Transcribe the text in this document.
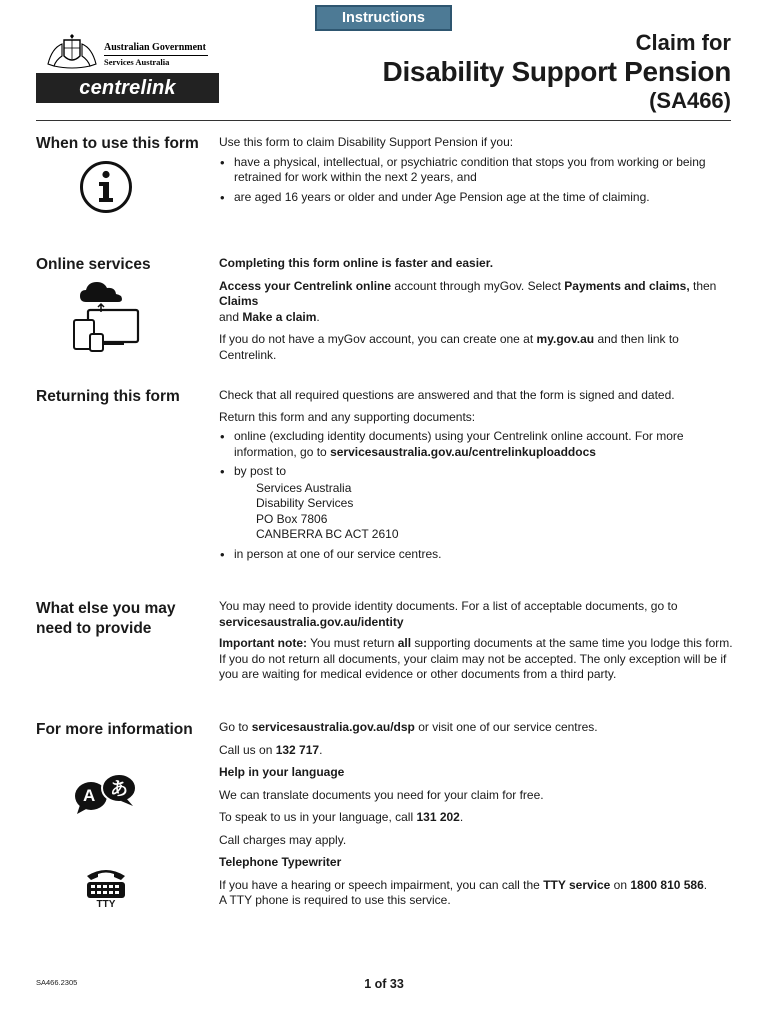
Instructions
Australian Government
Services Australia
centrelink
Claim for
Disability Support Pension
(SA466)
When to use this form	Use this form to claim Disability Support Pension if you:

• have a physical, intellectual, or psychiatric condition that stops you from working or being retrained for work within the next 2 years, and

• are aged 16 years or older and under Age Pension age at the time of claiming.

Online services	Completing this form online is faster and easier.

Access your Centrelink online account through myGov. Select Payments and claims, then Claims
and Make a claim.

If you do not have a myGov account, you can create one at my.gov.au and then link to Centrelink.

Returning this form	Check that all required questions are answered and that the form is signed and dated.

Return this form and any supporting documents:

• online (excluding identity documents) using your Centrelink online account. For more information, go to servicesaustralia.gov.au/centrelinkuploaddocs

• by post to

Services Australia

Disability Services

PO Box 7806

CANBERRA BC ACT 2610

• in person at one of our service centres.

What else you may need to provide

You may need to provide identity documents. For a list of acceptable documents, go to servicesaustralia.gov.au/identity

Important note: You must return all supporting documents at the same time you lodge this form. If you do not return all documents, your claim may not be accepted. The only exception will be if you are waiting for medical evidence or other documents from a third party.

For more information
A あ
TTY

Go to servicesaustralia.gov.au/dsp or visit one of our service centres.

Call us on 132 717.

Help in your language

We can translate documents you need for your claim for free.

To speak to us in your language, call 131 202.

Call charges may apply.

Telephone Typewriter

If you have a hearing or speech impairment, you can call the TTY service on 1800 810 586.
A TTY phone is required to use this service.

SA466.2305	1 of 33
